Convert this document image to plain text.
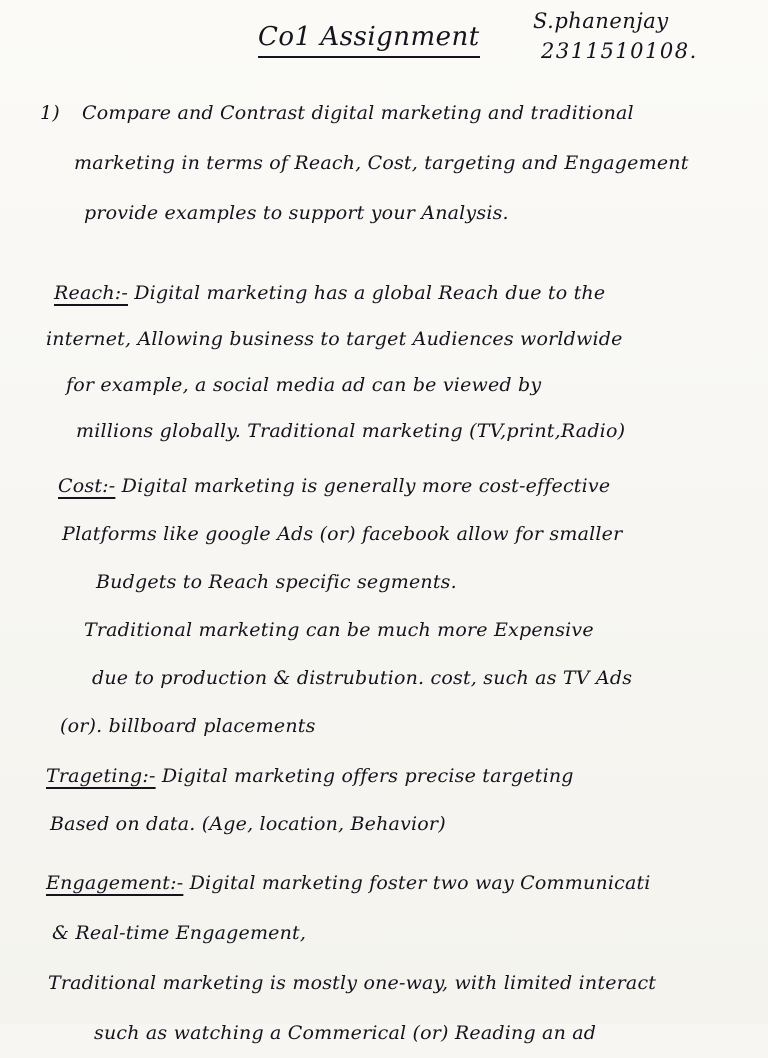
S.phanenjay
2311510108.
Co1 Assignment
1) Compare and Contrast digital marketing and traditional
marketing in terms of Reach, Cost, targeting and Engagement
provide examples to support your Analysis.
Reach:- Digital marketing has a global Reach due to the
internet, Allowing business to target Audiences worldwide
for example, a social media ad can be viewed by
millions globally. Traditional marketing (TV,print,Radio)
Cost:- Digital marketing is generally more cost-effective
Platforms like google Ads (or) facebook allow for smaller
Budgets to Reach specific segments.
Traditional marketing can be much more Expensive
due to production & distrubution. cost, such as TV Ads
(or). billboard placements
Trageting:- Digital marketing offers precise targeting
Based on data. (Age, location, Behavior)
Engagement:- Digital marketing foster two way Communicati
& Real-time Engagement,
Traditional marketing is mostly one-way, with limited interact
such as watching a Commerical (or) Reading an ad
